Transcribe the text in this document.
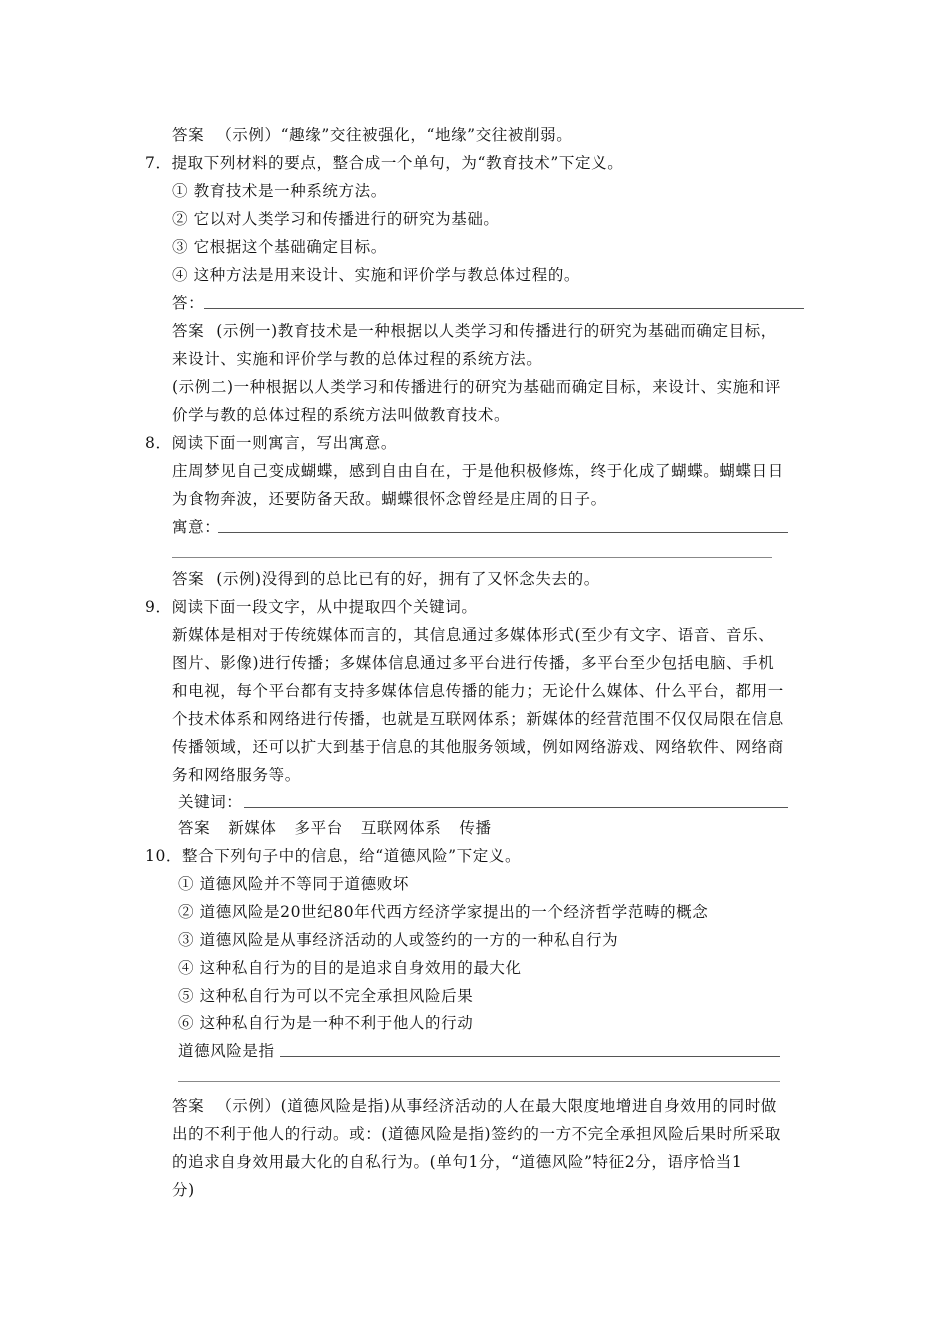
答案 （示例）“趣缘”交往被强化，“地缘”交往被削弱。
7．提取下列材料的要点，整合成一个单句，为“教育技术”下定义。
① 教育技术是一种系统方法。
② 它以对人类学习和传播进行的研究为基础。
③ 它根据这个基础确定目标。
④ 这种方法是用来设计、实施和评价学与教总体过程的。
答：
答案 (示例一)教育技术是一种根据以人类学习和传播进行的研究为基础而确定目标，
来设计、实施和评价学与教的总体过程的系统方法。
(示例二)一种根据以人类学习和传播进行的研究为基础而确定目标，来设计、实施和评
价学与教的总体过程的系统方法叫做教育技术。
8．阅读下面一则寓言，写出寓意。
庄周梦见自己变成蝴蝶，感到自由自在，于是他积极修炼，终于化成了蝴蝶。蝴蝶日日
为食物奔波，还要防备天敌。蝴蝶很怀念曾经是庄周的日子。
寓意：
答案 (示例)没得到的总比已有的好，拥有了又怀念失去的。
9．阅读下面一段文字，从中提取四个关键词。
新媒体是相对于传统媒体而言的，其信息通过多媒体形式(至少有文字、语音、音乐、
图片、影像)进行传播；多媒体信息通过多平台进行传播，多平台至少包括电脑、手机
和电视，每个平台都有支持多媒体信息传播的能力；无论什么媒体、什么平台，都用一
个技术体系和网络进行传播，也就是互联网体系；新媒体的经营范围不仅仅局限在信息
传播领域，还可以扩大到基于信息的其他服务领域，例如网络游戏、网络软件、网络商
务和网络服务等。
关键词：
答案 新媒体 多平台 互联网体系 传播
10．整合下列句子中的信息，给“道德风险”下定义。
① 道德风险并不等同于道德败坏
② 道德风险是20世纪80年代西方经济学家提出的一个经济哲学范畴的概念
③ 道德风险是从事经济活动的人或签约的一方的一种私自行为
④ 这种私自行为的目的是追求自身效用的最大化
⑤ 这种私自行为可以不完全承担风险后果
⑥ 这种私自行为是一种不利于他人的行动
道德风险是指
答案 （示例）(道德风险是指)从事经济活动的人在最大限度地增进自身效用的同时做
出的不利于他人的行动。或：(道德风险是指)签约的一方不完全承担风险后果时所采取
的追求自身效用最大化的自私行为。(单句1分，“道德风险”特征2分，语序恰当1
分)
